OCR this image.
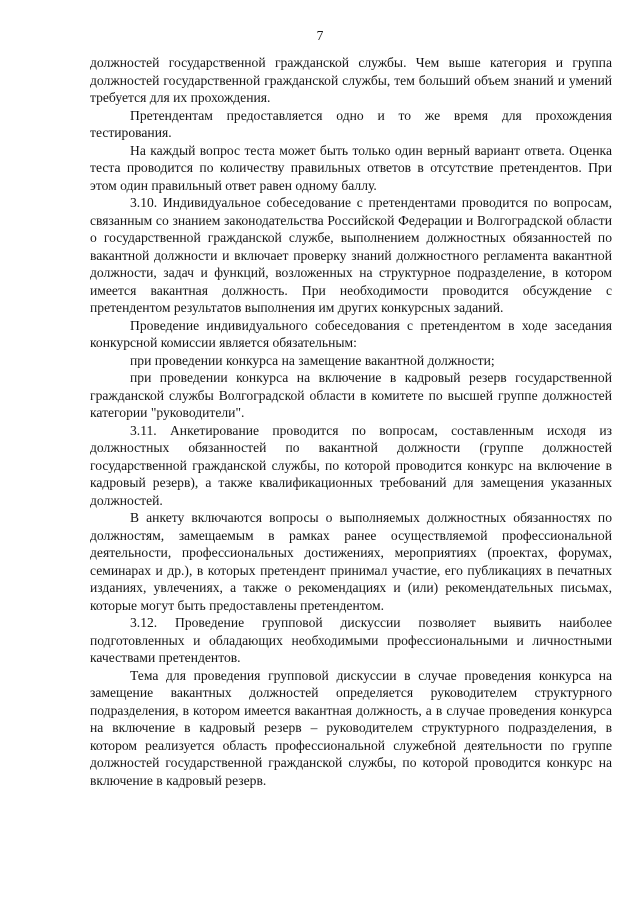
7

должностей государственной гражданской службы. Чем выше категория и группа должностей государственной гражданской службы, тем больший объем знаний и умений требуется для их прохождения.

Претендентам предоставляется одно и то же время для прохождения тестирования.

На каждый вопрос теста может быть только один верный вариант ответа. Оценка теста проводится по количеству правильных ответов в отсутствие претендентов. При этом один правильный ответ равен одному баллу.

3.10. Индивидуальное собеседование с претендентами проводится по вопросам, связанным со знанием законодательства Российской Федерации и Волгоградской области о государственной гражданской службе, выполнением должностных обязанностей по вакантной должности и включает проверку знаний должностного регламента вакантной должности, задач и функций, возложенных на структурное подразделение, в котором имеется вакантная должность. При необходимости проводится обсуждение с претендентом результатов выполнения им других конкурсных заданий.

Проведение индивидуального собеседования с претендентом в ходе заседания конкурсной комиссии является обязательным:

при проведении конкурса на замещение вакантной должности;

при проведении конкурса на включение в кадровый резерв государственной гражданской службы Волгоградской области в комитете по высшей группе должностей категории "руководители".

3.11. Анкетирование проводится по вопросам, составленным исходя из должностных обязанностей по вакантной должности (группе должностей государственной гражданской службы, по которой проводится конкурс на включение в кадровый резерв), а также квалификационных требований для замещения указанных должностей.

В анкету включаются вопросы о выполняемых должностных обязанностях по должностям, замещаемым в рамках ранее осуществляемой профессиональной деятельности, профессиональных достижениях, мероприятиях (проектах, форумах, семинарах и др.), в которых претендент принимал участие, его публикациях в печатных изданиях, увлечениях, а также о рекомендациях и (или) рекомендательных письмах, которые могут быть предоставлены претендентом.

3.12. Проведение групповой дискуссии позволяет выявить наиболее подготовленных и обладающих необходимыми профессиональными и личностными качествами претендентов.

Тема для проведения групповой дискуссии в случае проведения конкурса на замещение вакантных должностей определяется руководителем структурного подразделения, в котором имеется вакантная должность, а в случае проведения конкурса на включение в кадровый резерв – руководителем структурного подразделения, в котором реализуется область профессиональной служебной деятельности по группе должностей государственной гражданской службы, по которой проводится конкурс на включение в кадровый резерв.
